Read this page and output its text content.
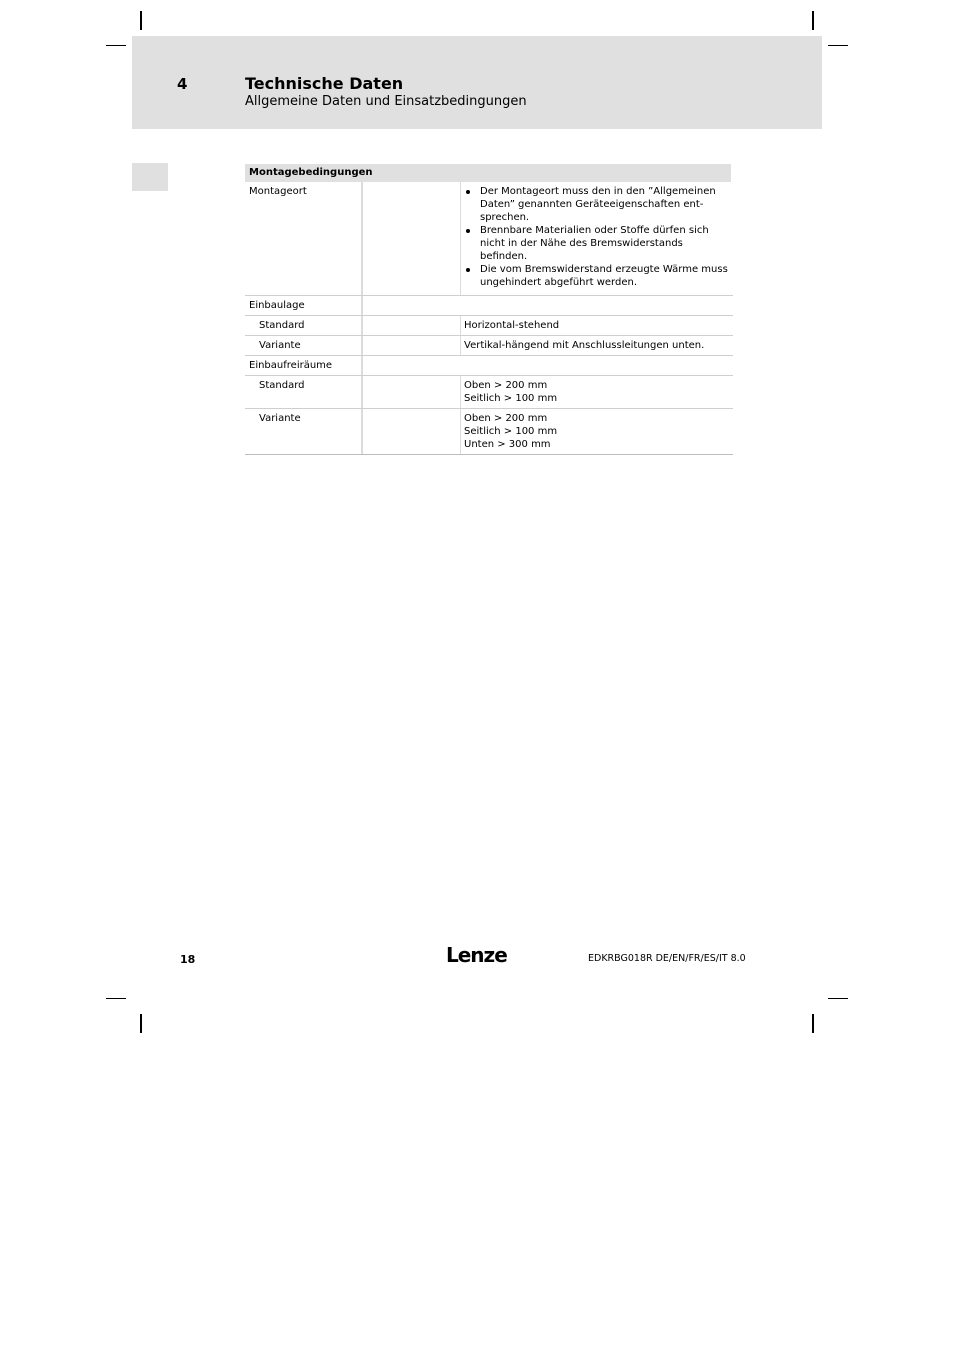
4	Technische Daten
Allgemeine Daten und Einsatzbedingungen
Montagebedingungen
Montageort	Der Montageort muss den in den ”Allgemeinen Daten” genannten Geräteeigenschaften ent-sprechen.
Brennbare Materialien oder Stoffe dürfen sich nicht in der Nähe des Bremswiderstands befinden.
Die vom Bremswiderstand erzeugte Wärme muss ungehindert abgeführt werden.
Einbaulage
Standard	Horizontal-stehend
Variante	Vertikal-hängend mit Anschlussleitungen unten.
Einbaufreiräume
Standard	Oben > 200 mm
Seitlich > 100 mm
Variante	Oben > 200 mm
Seitlich > 100 mm
Unten > 300 mm
18	Lenze	EDKRBG018R DE/EN/FR/ES/IT 8.0
